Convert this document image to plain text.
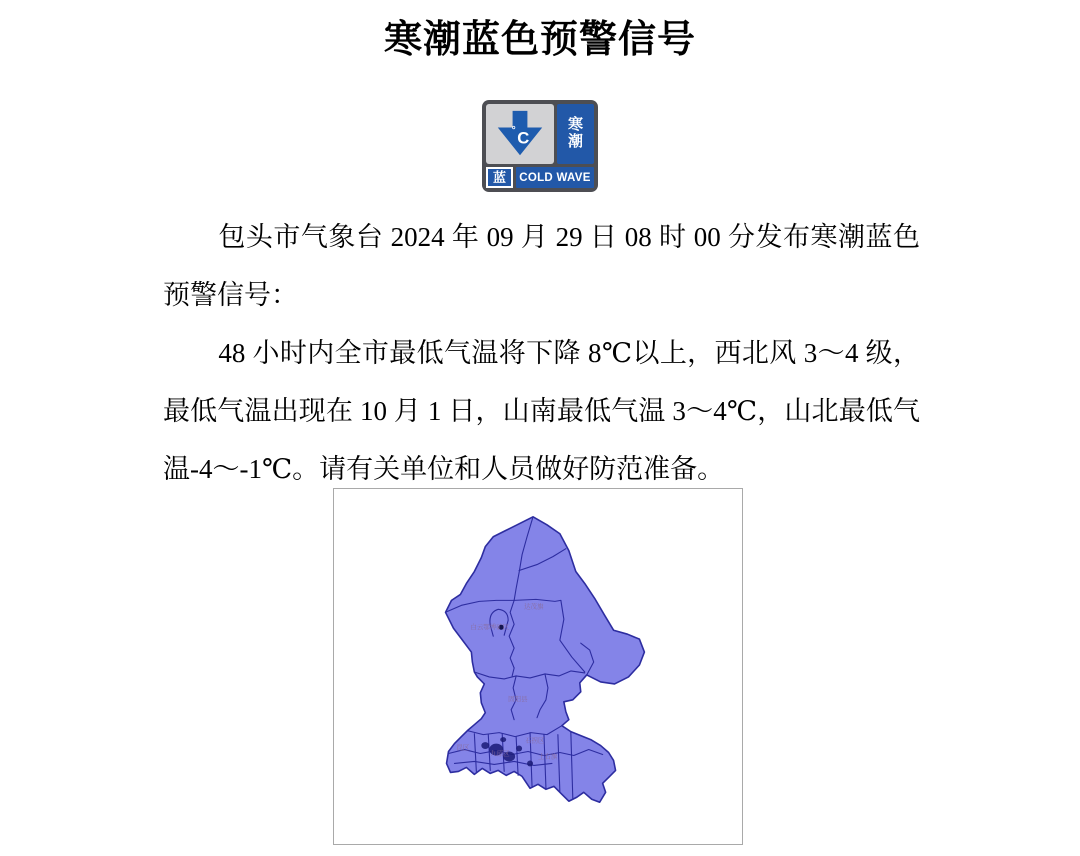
寒潮蓝色预警信号
° C
寒
潮
蓝	COLD WAVE

包头市气象台 2024 年 09 月 29 日 08 时 00 分发布寒潮蓝色预警信号：

48 小时内全市最低气温将下降 8℃以上，西北风 3～4 级，最低气温出现在 10 月 1 日，山南最低气温 3～4℃，山北最低气温-4～-1℃。请有关单位和人员做好防范准备。

达茂旗
白云鄂博矿区
固阳县
石拐区
昆区
九原区	土右旗
